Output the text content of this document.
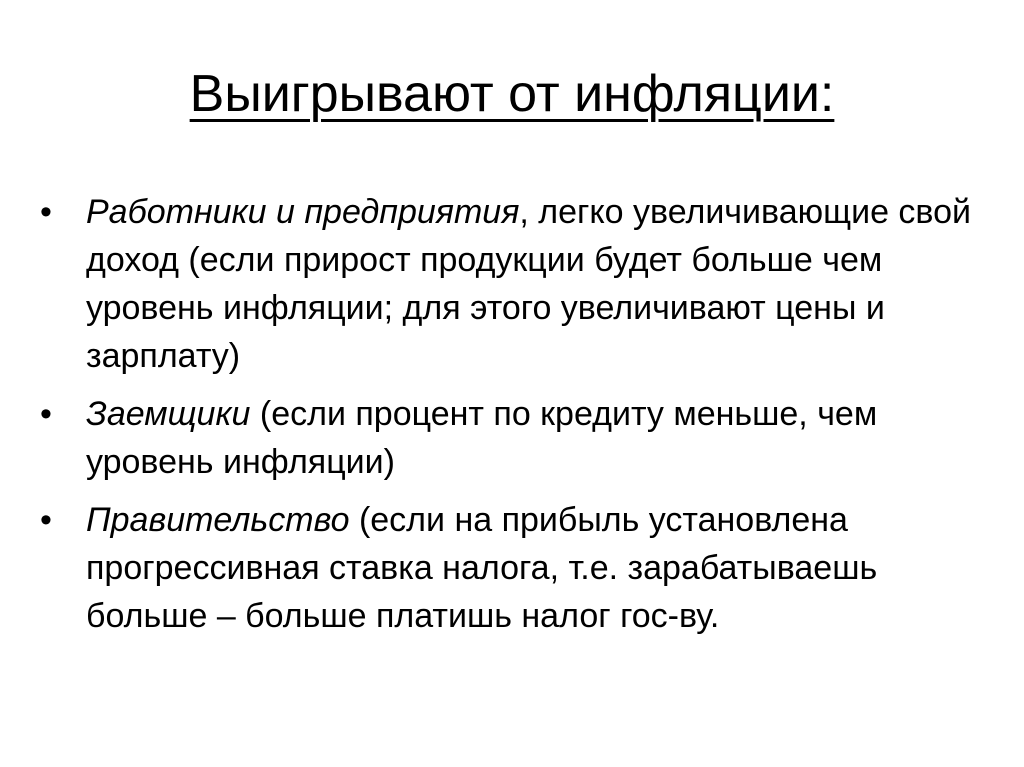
Выигрывают от инфляции:
•	Работники и предприятия, легко увеличивающие свой доход (если прирост продукции будет больше чем уровень инфляции; для этого увеличивают цены и зарплату)
•	Заемщики (если процент по кредиту меньше, чем уровень инфляции)
•	Правительство (если на прибыль установлена прогрессивная ставка налога, т.е. зарабатываешь больше – больше платишь налог гос-ву.
